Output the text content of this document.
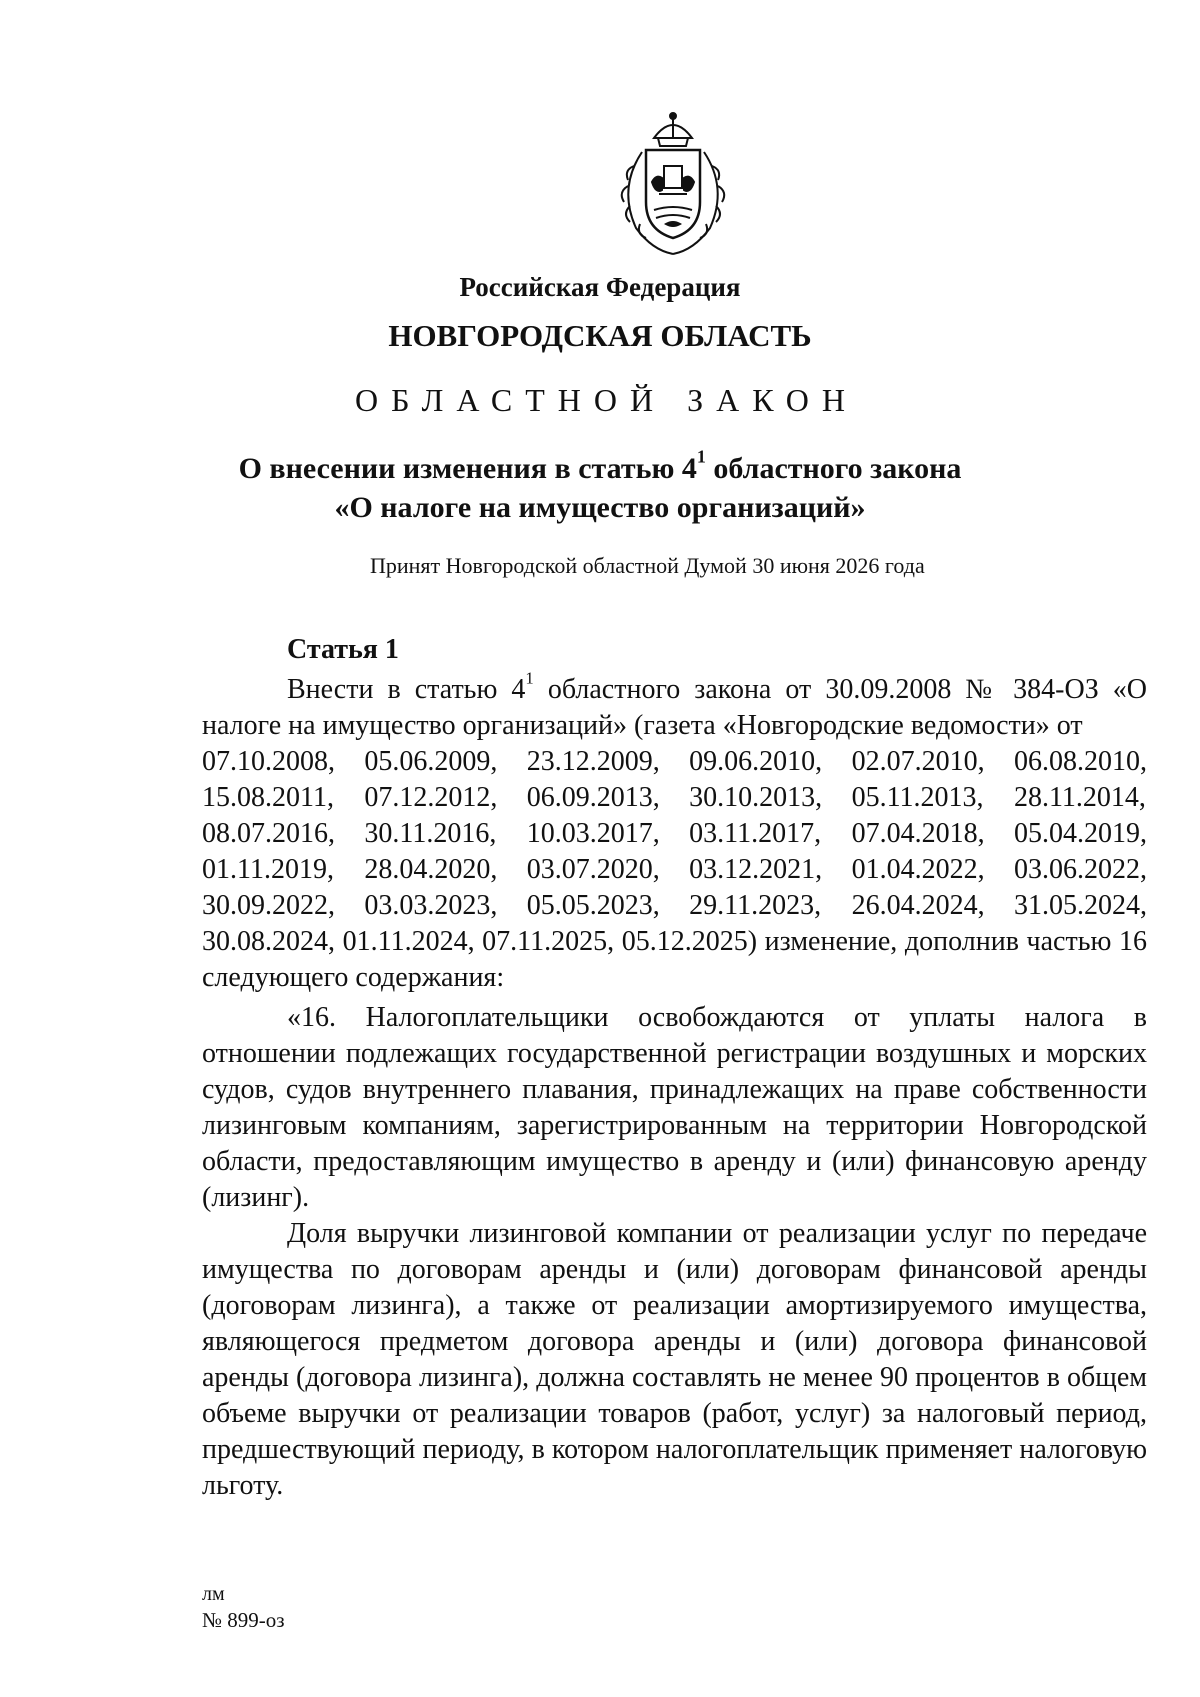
Российская Федерация
НОВГОРОДСКАЯ ОБЛАСТЬ
ОБЛАСТНОЙ ЗАКОН
О внесении изменения в статью $4^1$ областного закона
«О налоге на имущество организаций»
Принят Новгородской областной Думой 30 июня 2026 года
Статья 1

Внести в статью $4^1$ областного закона от 30.09.2008 № 384-ОЗ «О налоге на имущество организаций» (газета «Новгородские ведомости» от

07.10.2008, 05.06.2009, 23.12.2009, 09.06.2010, 02.07.2010, 06.08.2010,
15.08.2011, 07.12.2012, 06.09.2013, 30.10.2013, 05.11.2013, 28.11.2014,
08.07.2016, 30.11.2016, 10.03.2017, 03.11.2017, 07.04.2018, 05.04.2019,
01.11.2019, 28.04.2020, 03.07.2020, 03.12.2021, 01.04.2022, 03.06.2022,
30.09.2022, 03.03.2023, 05.05.2023, 29.11.2023, 26.04.2024, 31.05.2024,

30.08.2024, 01.11.2024, 07.11.2025, 05.12.2025) изменение, дополнив частью 16 следующего содержания:

«16. Налогоплательщики освобождаются от уплаты налога в отношении подлежащих государственной регистрации воздушных и морских судов, судов внутреннего плавания, принадлежащих на праве собственности лизинговым компаниям, зарегистрированным на территории Новгородской области, предоставляющим имущество в аренду и (или) финансовую аренду (лизинг).

Доля выручки лизинговой компании от реализации услуг по передаче имущества по договорам аренды и (или) договорам финансовой аренды (договорам лизинга), а также от реализации амортизируемого имущества, являющегося предметом договора аренды и (или) договора финансовой аренды (договора лизинга), должна составлять не менее 90 процентов в общем объеме выручки от реализации товаров (работ, услуг) за налоговый период, предшествующий периоду, в котором налогоплательщик применяет налоговую льготу.

лм
№ 899-оз
